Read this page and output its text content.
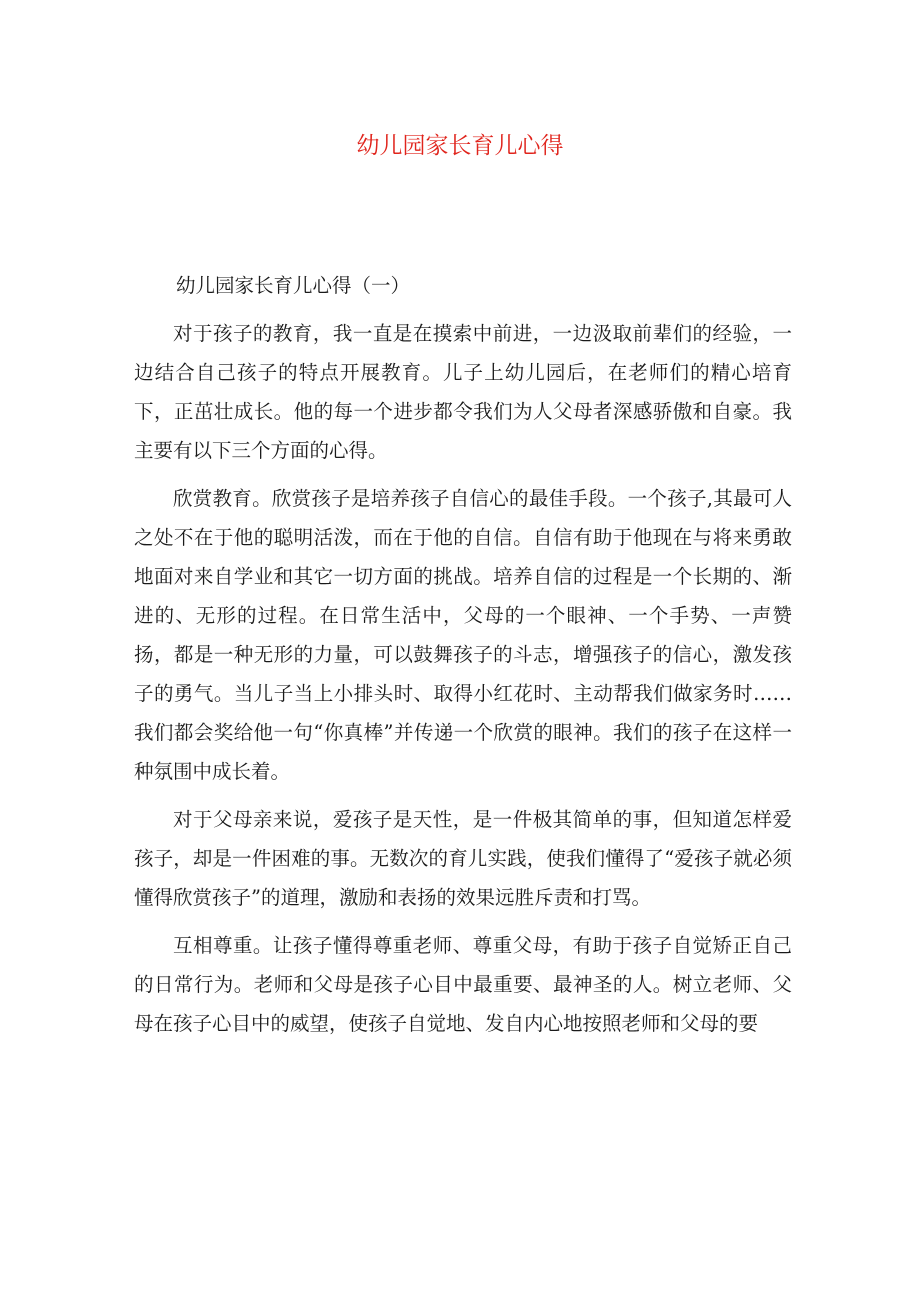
幼儿园家长育儿心得
幼儿园家长育儿心得（一）

对于孩子的教育，我一直是在摸索中前进，一边汲取前辈们的经验，一边结合自己孩子的特点开展教育。儿子上幼儿园后，在老师们的精心培育下，正茁壮成长。他的每一个进步都令我们为人父母者深感骄傲和自豪。我主要有以下三个方面的心得。

欣赏教育。欣赏孩子是培养孩子自信心的最佳手段。一个孩子,其最可人之处不在于他的聪明活泼，而在于他的自信。自信有助于他现在与将来勇敢地面对来自学业和其它一切方面的挑战。培养自信的过程是一个长期的、渐进的、无形的过程。在日常生活中，父母的一个眼神、一个手势、一声赞扬，都是一种无形的力量，可以鼓舞孩子的斗志，增强孩子的信心，激发孩子的勇气。当儿子当上小排头时、取得小红花时、主动帮我们做家务时……我们都会奖给他一句“你真棒”并传递一个欣赏的眼神。我们的孩子在这样一种氛围中成长着。

对于父母亲来说，爱孩子是天性，是一件极其简单的事，但知道怎样爱孩子，却是一件困难的事。无数次的育儿实践，使我们懂得了“爱孩子就必须懂得欣赏孩子”的道理，激励和表扬的效果远胜斥责和打骂。

互相尊重。让孩子懂得尊重老师、尊重父母，有助于孩子自觉矫正自己的日常行为。老师和父母是孩子心目中最重要、最神圣的人。树立老师、父母在孩子心目中的威望，使孩子自觉地、发自内心地按照老师和父母的要
